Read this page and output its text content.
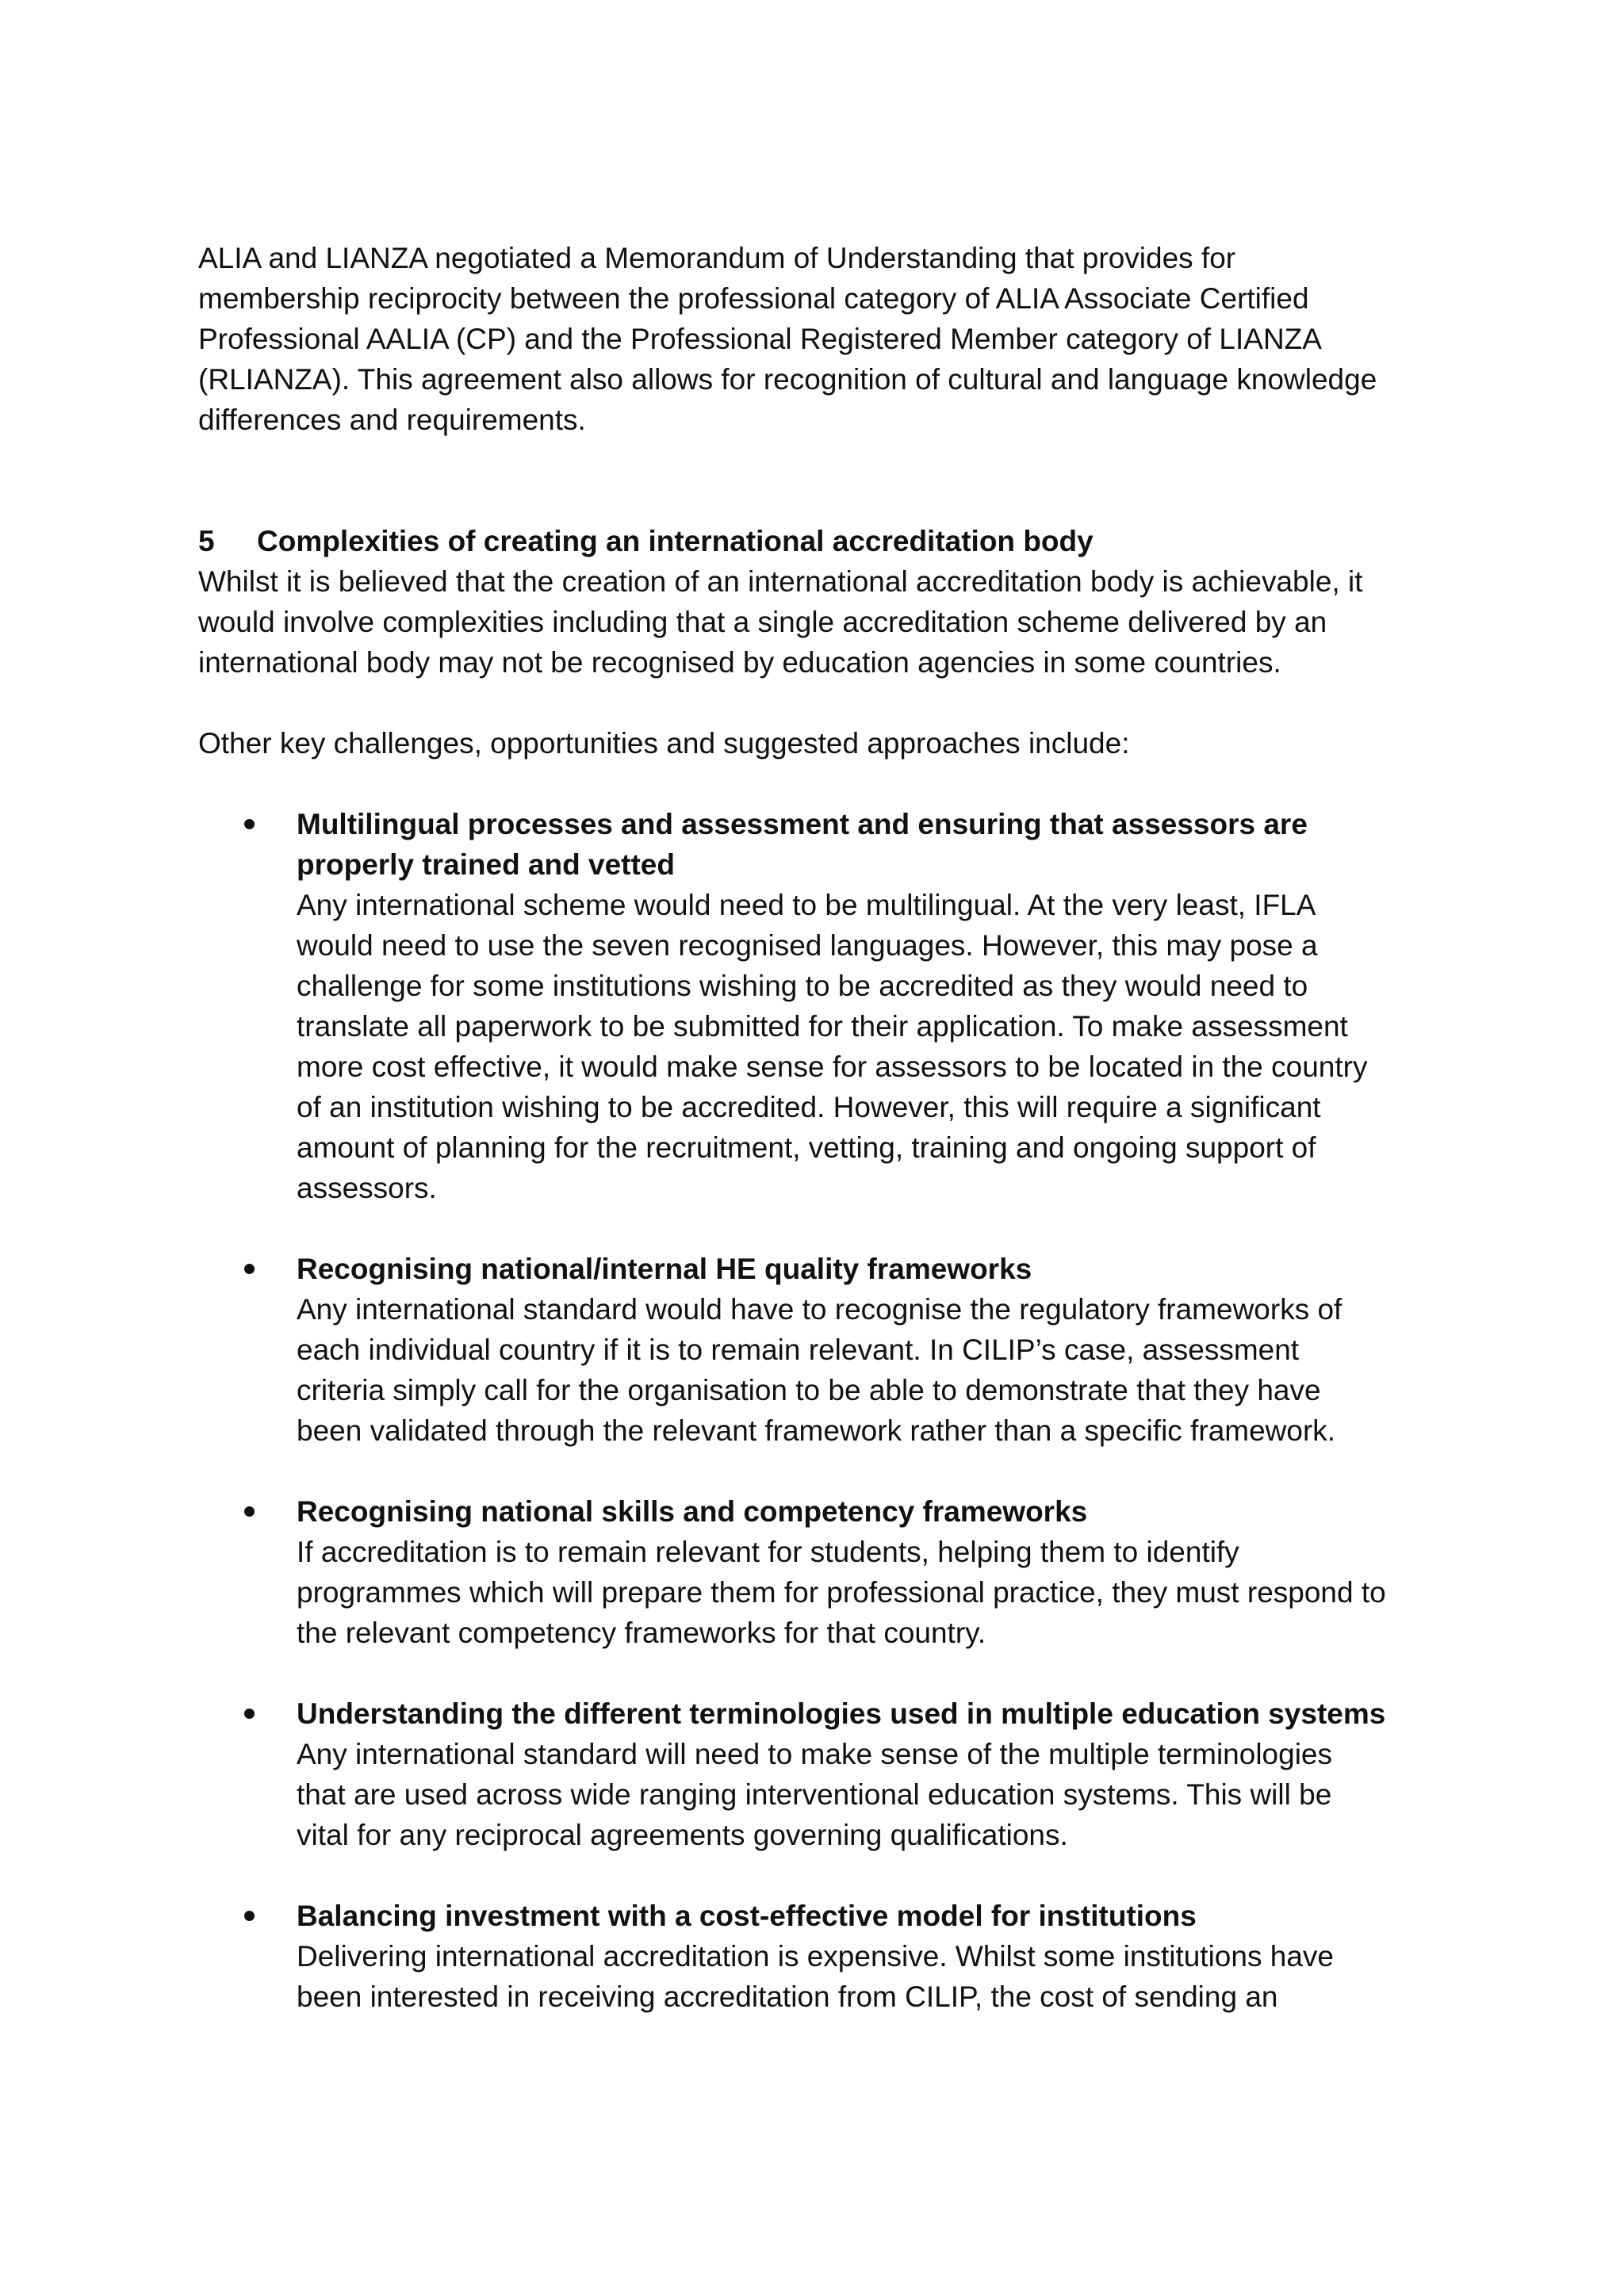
ALIA and LIANZA negotiated a Memorandum of Understanding that provides for membership reciprocity between the professional category of ALIA Associate Certified Professional AALIA (CP) and the Professional Registered Member category of LIANZA (RLIANZA). This agreement also allows for recognition of cultural and language knowledge differences and requirements.

5	Complexities of creating an international accreditation body

Whilst it is believed that the creation of an international accreditation body is achievable, it would involve complexities including that a single accreditation scheme delivered by an international body may not be recognised by education agencies in some countries.

Other key challenges, opportunities and suggested approaches include:

Multilingual processes and assessment and ensuring that assessors are properly trained and vetted
Any international scheme would need to be multilingual. At the very least, IFLA would need to use the seven recognised languages. However, this may pose a challenge for some institutions wishing to be accredited as they would need to translate all paperwork to be submitted for their application. To make assessment more cost effective, it would make sense for assessors to be located in the country of an institution wishing to be accredited. However, this will require a significant amount of planning for the recruitment, vetting, training and ongoing support of assessors.
Recognising national/internal HE quality frameworks
Any international standard would have to recognise the regulatory frameworks of each individual country if it is to remain relevant. In CILIP’s case, assessment criteria simply call for the organisation to be able to demonstrate that they have been validated through the relevant framework rather than a specific framework.
Recognising national skills and competency frameworks
If accreditation is to remain relevant for students, helping them to identify programmes which will prepare them for professional practice, they must respond to the relevant competency frameworks for that country.
Understanding the different terminologies used in multiple education systems
Any international standard will need to make sense of the multiple terminologies that are used across wide ranging interventional education systems. This will be vital for any reciprocal agreements governing qualifications.
Balancing investment with a cost-effective model for institutions
Delivering international accreditation is expensive. Whilst some institutions have been interested in receiving accreditation from CILIP, the cost of sending an
